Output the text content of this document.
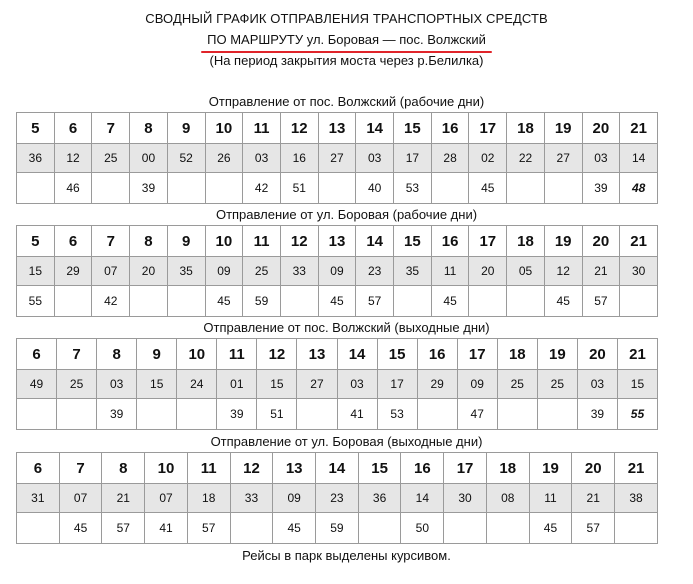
СВОДНЫЙ ГРАФИК ОТПРАВЛЕНИЯ ТРАНСПОРТНЫХ СРЕДСТВ
ПО МАРШРУТУ ул. Боровая — пос. Волжский
(На период закрытия моста через р.Белилка)
Отправление от пос. Волжский (рабочие дни)
5	6	7	8	9	10	11	12	13	14	15	16	17	18	19	20	21
36	12	25	00	52	26	03	16	27	03	17	28	02	22	27	03	14
	46		39			42	51		40	53		45			39	48
Отправление от ул. Боровая (рабочие дни)
5	6	7	8	9	10	11	12	13	14	15	16	17	18	19	20	21
15	29	07	20	35	09	25	33	09	23	35	11	20	05	12	21	30
55		42			45	59		45	57		45			45	57	
Отправление от пос. Волжский (выходные дни)
6	7	8	9	10	11	12	13	14	15	16	17	18	19	20	21
49	25	03	15	24	01	15	27	03	17	29	09	25	25	03	15
		39			39	51		41	53		47			39	55
Отправление от ул. Боровая (выходные дни)
6	7	8	10	11	12	13	14	15	16	17	18	19	20	21
31	07	21	07	18	33	09	23	36	14	30	08	11	21	38
	45	57	41	57		45	59		50			45	57	
Рейсы в парк выделены курсивом.
